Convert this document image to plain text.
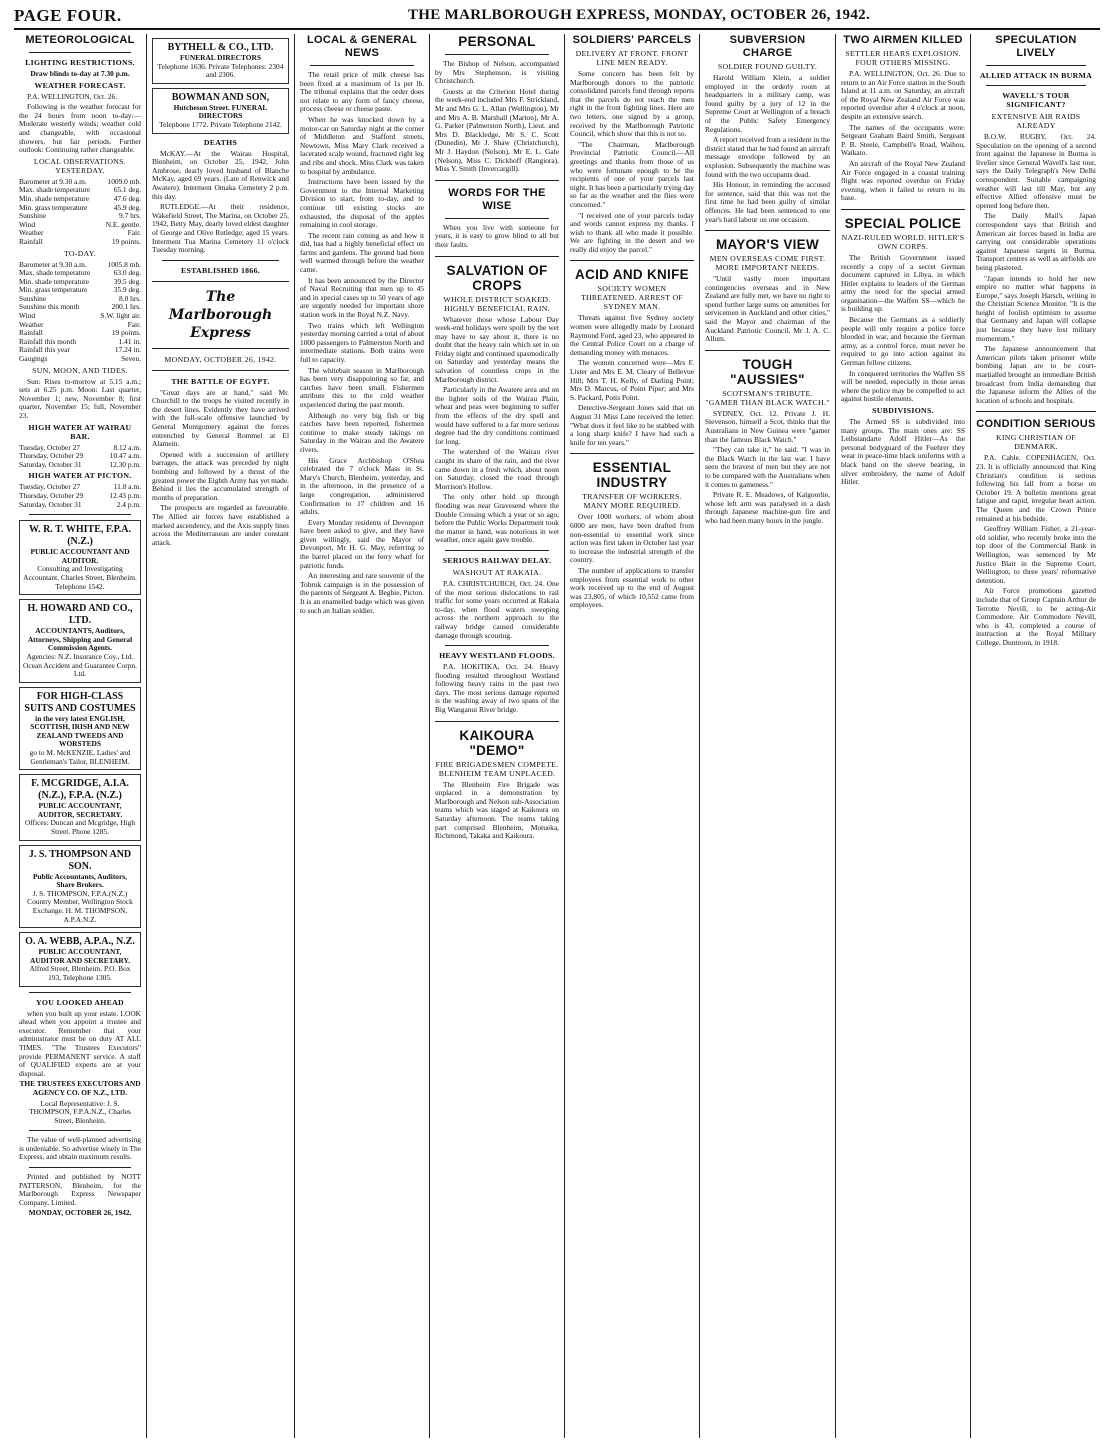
PAGE FOUR.	THE MARLBOROUGH EXPRESS, MONDAY, OCTOBER 26, 1942.
METEOROLOGICAL
LIGHTING RESTRICTIONS.

Draw blinds to-day at 7.30 p.m.

WEATHER FORECAST.

P.A. WELLINGTON, Oct. 26.

Following is the weather forecast for the 24 hours from noon to-day:— Moderate westerly winds; weather cold and changeable, with occasional showers, but fair periods. Further outlook: Continuing rather changeable.

LOCAL OBSERVATIONS. YESTERDAY.
Barometer at 9.30 a.m.	1009.0 mb.
Max. shade temperature	65.1 deg.
Min. shade temperature	47.6 deg.
Min. grass temperature	45.9 deg.
Sunshine	9.7 hrs.
Wind	N.E. gentle.
Weather	Fair.
Rainfall	19 points.
TO-DAY.
Barometer at 9.30 a.m.	1005.8 mb.
Max. shade temperature	63.0 deg.
Min. shade temperature	39.5 deg.
Min. grass temperature	35.9 deg.
Sunshine	8.0 hrs.
Sunshine this month	200.1 hrs.
Wind	S.W. light air.
Weather	Fair.
Rainfall	19 points.
Rainfall this month	1.41 in.
Rainfall this year	17.24 in.
Gaugings	Seven.
SUN, MOON, AND TIDES.

Sun: Rises to-morrow at 5.15 a.m.; sets at 6.25 p.m. Moon: Last quarter, November 1; new, November 8; first quarter, November 15; full, November 23.

HIGH WATER AT WAIRAU BAR.
Tuesday, October 27	8.12 a.m.
Thursday, October 29	10.47 a.m.
Saturday, October 31	12.30 p.m.
HIGH WATER AT PICTON.
Tuesday, October 27	11.0 a.m.
Thursday, October 29	12.43 p.m.
Saturday, October 31	2.4 p.m.
W. R. T. WHITE, F.P.A. (N.Z.)
PUBLIC ACCOUNTANT AND AUDITOR.
Consulting and Investigating Accountant. Charles Street, Blenheim. Telephone 1542.
H. HOWARD AND CO., LTD.
ACCOUNTANTS, Auditors, Attorneys, Shipping and General Commission Agents.
Agencies: N.Z. Insurance Coy., Ltd. Ocean Accident and Guarantee Corpn. Ltd.
FOR HIGH-CLASS SUITS AND COSTUMES
in the very latest ENGLISH, SCOTTISH, IRISH AND NEW ZEALAND TWEEDS AND WORSTEDS
go to M. McKENZIE, Ladies' and Gentleman's Tailor, BLENHEIM.
F. MCGRIDGE, A.I.A. (N.Z.), F.P.A. (N.Z.)
PUBLIC ACCOUNTANT, AUDITOR, SECRETARY.
Offices: Duncan and Mcgridge, High Street. Phone 1285.
J. S. THOMPSON AND SON.
Public Accountants, Auditors, Share Brokers.
J. S. THOMPSON, F.P.A.(N.Z.) Country Member, Wellington Stock Exchange. H. M. THOMPSON, A.P.A.N.Z.
O. A. WEBB, A.P.A., N.Z.
PUBLIC ACCOUNTANT, AUDITOR AND SECRETARY.
Alfred Street, Blenheim. P.O. Box 193, Telephone 1305.
YOU LOOKED AHEAD

when you built up your estate. LOOK ahead when you appoint a trustee and executor. Remember that your administrator must be on duty AT ALL TIMES. "The Trustees Executors" provide PERMANENT service. A staff of QUALIFIED experts are at your disposal.

THE TRUSTEES EXECUTORS AND AGENCY CO. OF N.Z., LTD.

Local Representative: J. S. THOMPSON, F.P.A.N.Z., Charles Street, Blenheim.

The value of well-planned advertising is undeniable. So advertise wisely in The Express, and obtain maximum results.

Printed and published by NOTT PATTERSON, Blenheim, for the Marlborough Express Newspaper Company, Limited.

MONDAY, OCTOBER 26, 1942.

BYTHELL & CO., LTD.
FUNERAL DIRECTORS
Telephone 1636. Private Telephones: 2304 and 2306.
BOWMAN AND SON,
Hutcheson Street. FUNERAL DIRECTORS
Telephone 1772. Private Telephone 2142.
DEATHS

McKAY.—At the Wairau Hospital, Blenheim, on October 25, 1942, John Ambrose, dearly loved husband of Blanche McKay, aged 69 years. (Late of Renwick and Awatere). Interment Omaka Cemetery 2 p.m. this day.

RUTLEDGE.—At their residence, Wakefield Street, The Marina, on October 25, 1942, Betty May, dearly loved eldest daughter of George and Olive Rutledge; aged 15 years. Interment Tua Marina Cemetery 11 o'clock Tuesday morning.

ESTABLISHED 1866.
The Marlborough Express
MONDAY, OCTOBER 26, 1942.
THE BATTLE OF EGYPT.

"Great days are at hand," said Mr. Churchill to the troops he visited recently in the desert lines. Evidently they have arrived with the full-scale offensive launched by General Montgomery against the forces entrenched by General Rommel at El Alamein.

Opened with a succession of artillery barrages, the attack was preceded by night bombing and followed by a thrust of the greatest power the Eighth Army has yet made. Behind it lies the accumulated strength of months of preparation.

The prospects are regarded as favourable. The Allied air forces have established a marked ascendency, and the Axis supply lines across the Mediterranean are under constant attack.

LOCAL & GENERAL NEWS

The retail price of milk cheese has been fixed at a maximum of 1s per lb. The tribunal explains that the order does not relate to any form of fancy cheese, process cheese or cheese paste.

When he was knocked down by a motor-car on Saturday night at the corner of Middleton and Stafford streets, Newtown, Miss Mary Clark received a lacerated scalp wound, fractured right leg and ribs and shock. Miss Clark was taken to hospital by ambulance.

Instructions have been issued by the Government to the Internal Marketing Division to start, from to-day, and to continue till existing stocks are exhausted, the disposal of the apples remaining in cool storage.

The recent rain coming as and how it did, has had a highly beneficial effect on farms and gardens. The ground had been well warmed through before the weather came.

It has been announced by the Director of Naval Recruiting that men up to 45 and in special cases up to 50 years of age are urgently needed for important shore station work in the Royal N.Z. Navy.

Two trains which left Wellington yesterday morning carried a total of about 1000 passengers to Palmerston North and intermediate stations. Both trains were full to capacity.

The whitebait season in Marlborough has been very disappointing so far, and catches have been small. Fishermen attribute this to the cold weather experienced during the past month.

Although no very big fish or big catches have been reported, fishermen continue to make steady takings on Saturday in the Wairau and the Awatere rivers.

His Grace Archbishop O'Shea celebrated the 7 o'clock Mass in St. Mary's Church, Blenheim, yesterday, and in the afternoon, in the presence of a large congregation, administered Confirmation to 17 children and 16 adults.

Every Monday residents of Devonport have been asked to give, and they have given willingly, said the Mayor of Devonport, Mr H. G. May, referring to the barrel placed on the ferry wharf for patriotic funds.

An interesting and rare souvenir of the Tobruk campaign is in the possession of the parents of Sergeant A. Begbie, Picton. It is an enamelled badge which was given to such an Italian soldier.

PERSONAL

The Bishop of Nelson, accompanied by Mrs Stephenson, is visiting Christchurch.

Guests at the Criterion Hotel during the week-end included Mrs F. Strickland, Mr and Mrs G. L. Allan (Wellington), Mr and Mrs A. B. Marshall (Marton), Mr A. G. Parker (Palmerston North), Lieut. and Mrs D. Blackledge, Mr S. C. Scott (Dunedin), Mr J. Shaw (Christchurch), Mr J. Haydon (Nelson), Mr E. L. Gale (Nelson), Miss C. Dickhoff (Rangiora), Miss Y. Smith (Invercargill).

WORDS FOR THE WISE

When you live with someone for years, it is easy to grow blind to all but their faults.

SALVATION OF CROPS
WHOLE DISTRICT SOAKED. HIGHLY BENEFICIAL RAIN.

Whatever those whose Labour Day week-end holidays were spoilt by the wet may have to say about it, there is no doubt that the heavy rain which set in on Friday night and continued spasmodically on Saturday and yesterday means the salvation of countless crops in the Marlborough district.

Particularly in the Awatere area and on the lighter soils of the Wairau Plain, wheat and peas were beginning to suffer from the effects of the dry spell and would have suffered to a far more serious degree had the dry conditions continued for long.

The watershed of the Wairau river caught its share of the rain, and the river came down in a fresh which, about noon on Saturday, closed the road through Morrison's Hollow.

The only other hold up through flooding was near Gravesend where the Double Crossing which a year or so ago, before the Public Works Department took the matter in hand, was notorious in wet weather, once again gave trouble.

SERIOUS RAILWAY DELAY.
WASHOUT AT RAKAIA.

P.A. CHRISTCHURCH, Oct. 24. One of the most serious dislocations to rail traffic for some years occurred at Rakaia to-day, when flood waters sweeping across the northern approach to the railway bridge caused considerable damage through scouring.

HEAVY WESTLAND FLOODS.

P.A. HOKITIKA, Oct. 24. Heavy flooding resulted throughout Westland following heavy rains in the past two days. The most serious damage reported is the washing away of two spans of the Big Wanganui River bridge.

KAIKOURA "DEMO"
FIRE BRIGADESMEN COMPETE. BLENHEIM TEAM UNPLACED.

The Blenheim Fire Brigade was unplaced in a demonstration by Marlborough and Nelson sub-Association teams which was staged at Kaikoura on Saturday afternoon. The teams taking part comprised Blenheim, Motueka, Richmond, Takaka and Kaikoura.

SOLDIERS' PARCELS
DELIVERY AT FRONT. FRONT LINE MEN READY.

Some concern has been felt by Marlborough donors to the patriotic consolidated parcels fund through reports that the parcels do not reach the men right in the front fighting lines. Here are two letters, one signed by a group, received by the Marlborough Patriotic Council, which show that this is not so.

"The Chairman, Marlborough Provincial Patriotic Council.—All greetings and thanks from those of us who were fortunate enough to be the recipients of one of your parcels last night. It has been a particularly trying day so far as the weather and the flies were concerned."

"I received one of your parcels today and words cannot express my thanks. I wish to thank all who made it possible. We are fighting in the desert and we really did enjoy the parcel."

ACID AND KNIFE
SOCIETY WOMEN THREATENED. ARREST OF SYDNEY MAN.

Threats against five Sydney society women were allegedly made by Leonard Raymond Ford, aged 23, who appeared in the Central Police Court on a charge of demanding money with menaces.

The women concerned were—Mrs F. Lister and Mrs E. M. Cleary of Bellevue Hill; Mrs T. H. Kelly, of Darling Point; Mrs D. Marcus, of Point Piper; and Mrs S. Packard, Potts Point.

Detective-Sergeant Jones said that on August 31 Miss Lane received the letter: "What does it feel like to be stabbed with a long sharp knife? I have had such a knife for ten years."

ESSENTIAL INDUSTRY
TRANSFER OF WORKERS. MANY MORE REQUIRED.

Over 1000 workers, of whom about 6000 are men, have been drafted from non-essential to essential work since action was first taken in October last year to increase the industrial strength of the country.

The number of applications to transfer employees from essential work to other work received up to the end of August was 23,805, of which 10,552 came from employees.

SUBVERSION CHARGE
SOLDIER FOUND GUILTY.

Harold William Klein, a soldier employed in the orderly room at headquarters in a military camp, was found guilty by a jury of 12 in the Supreme Court at Wellington of a breach of the Public Safety Emergency Regulations.

A report received from a resident in the district stated that he had found an aircraft message envelope followed by an explosion. Subsequently the machine was found with the two occupants dead.

His Honour, in reminding the accused for sentence, said that this was not the first time he had been guilty of similar offences. He had been sentenced to one year's hard labour on one occasion.

MAYOR'S VIEW
MEN OVERSEAS COME FIRST. MORE IMPORTANT NEEDS.

"Until vastly more important contingencies overseas and in New Zealand are fully met, we have no right to spend further large sums on amenities for servicemen in Auckland and other cities," said the Mayor and chairman of the Auckland Patriotic Council, Mr J. A. C. Allum.

TOUGH "AUSSIES"
SCOTSMAN'S TRIBUTE. "GAMER THAN BLACK WATCH."

SYDNEY, Oct. 12. Private J. H. Stevenson, himself a Scot, thinks that the Australians in New Guinea were "gamer than the famous Black Watch."

"They can take it," he said. "I was in the Black Watch in the last war. I have seen the bravest of men but they are not to be compared with the Australians when it comes to gameness."

Private R. E. Meadows, of Kalgoorlie, whose left arm was paralysed in a dash through Japanese machine-gun fire and who had been many hours in the jungle.

TWO AIRMEN KILLED
SETTLER HEARS EXPLOSION. FOUR OTHERS MISSING.

P.A. WELLINGTON, Oct. 26. Due to return to an Air Force station in the South Island at 11 a.m. on Saturday, an aircraft of the Royal New Zealand Air Force was reported overdue after 4 o'clock at noon, despite an extensive search.

The names of the occupants were: Sergeant Graham Baird Smith, Sergeant P. B. Steele, Campbell's Road, Waihou, Waikato.

An aircraft of the Royal New Zealand Air Force engaged in a coastal training flight was reported overdue on Friday evening, when it failed to return to its base.

SPECIAL POLICE
NAZI-RULED WORLD. HITLER'S OWN CORPS.

The British Government issued recently a copy of a secret German document captured in Libya, in which Hitler explains to leaders of the German army the need for the special armed organisation—the Waffen SS—which he is building up.

Because the Germans as a soldierly people will only require a police force blooded in war, and because the German army, as a control force, must never be required to go into action against its German fellow citizens.

In conquered territories the Waffen SS will be needed, especially in those areas where the police may be compelled to act against hostile elements.

SUBDIVISIONS.

The Armed SS is subdivided into many groups. The main ones are: SS Leibstandarte Adolf Hitler—As the personal bodyguard of the Fuehrer they wear in peace-time black uniforms with a black band on the sleeve bearing, in silver embroidery, the name of Adolf Hitler.

SPECULATION LIVELY
ALLIED ATTACK IN BURMA
WAVELL'S TOUR SIGNIFICANT?
EXTENSIVE AIR RAIDS ALREADY

B.O.W. RUGBY, Oct. 24. Speculation on the opening of a second front against the Japanese in Burma is livelier since General Wavell's last tour, says the Daily Telegraph's New Delhi correspondent. Suitable campaigning weather will last till May, but any effective Allied offensive must be opened long before then.

The Daily Mail's Japan correspondent says that British and American air forces based in India are carrying out considerable operations against Japanese targets in Burma. Transport centres as well as airfields are being plastered.

"Japan intends to hold her new empire no matter what happens in Europe," says Joseph Harsch, writing in the Christian Science Monitor. "It is the height of foolish optimism to assume that Germany and Japan will collapse just because they have lost military momentum."

The Japanese announcement that American pilots taken prisoner while bombing Japan are to be court-martialled brought an immediate British broadcast from India demanding that the Japanese inform the Allies of the location of schools and hospitals.

CONDITION SERIOUS
KING CHRISTIAN OF DENMARK.

P.A. Cable. COPENHAGEN, Oct. 23. It is officially announced that King Christian's condition is serious following his fall from a horse on October 19. A bulletin mentions great fatigue and rapid, irregular heart action. The Queen and the Crown Prince remained at his bedside.

Geoffrey William Fisher, a 21-year-old soldier, who recently broke into the top door of the Commercial Bank in Wellington, was sentenced by Mr Justice Blair in the Supreme Court, Wellington, to three years' reformative detention.

Air Force promotions gazetted include that of Group Captain Arthur de Terrotte Nevill, to be acting-Air Commodore. Air Commodore Nevill, who is 43, completed a course of instruction at the Royal Military College, Duntroon, in 1918.
